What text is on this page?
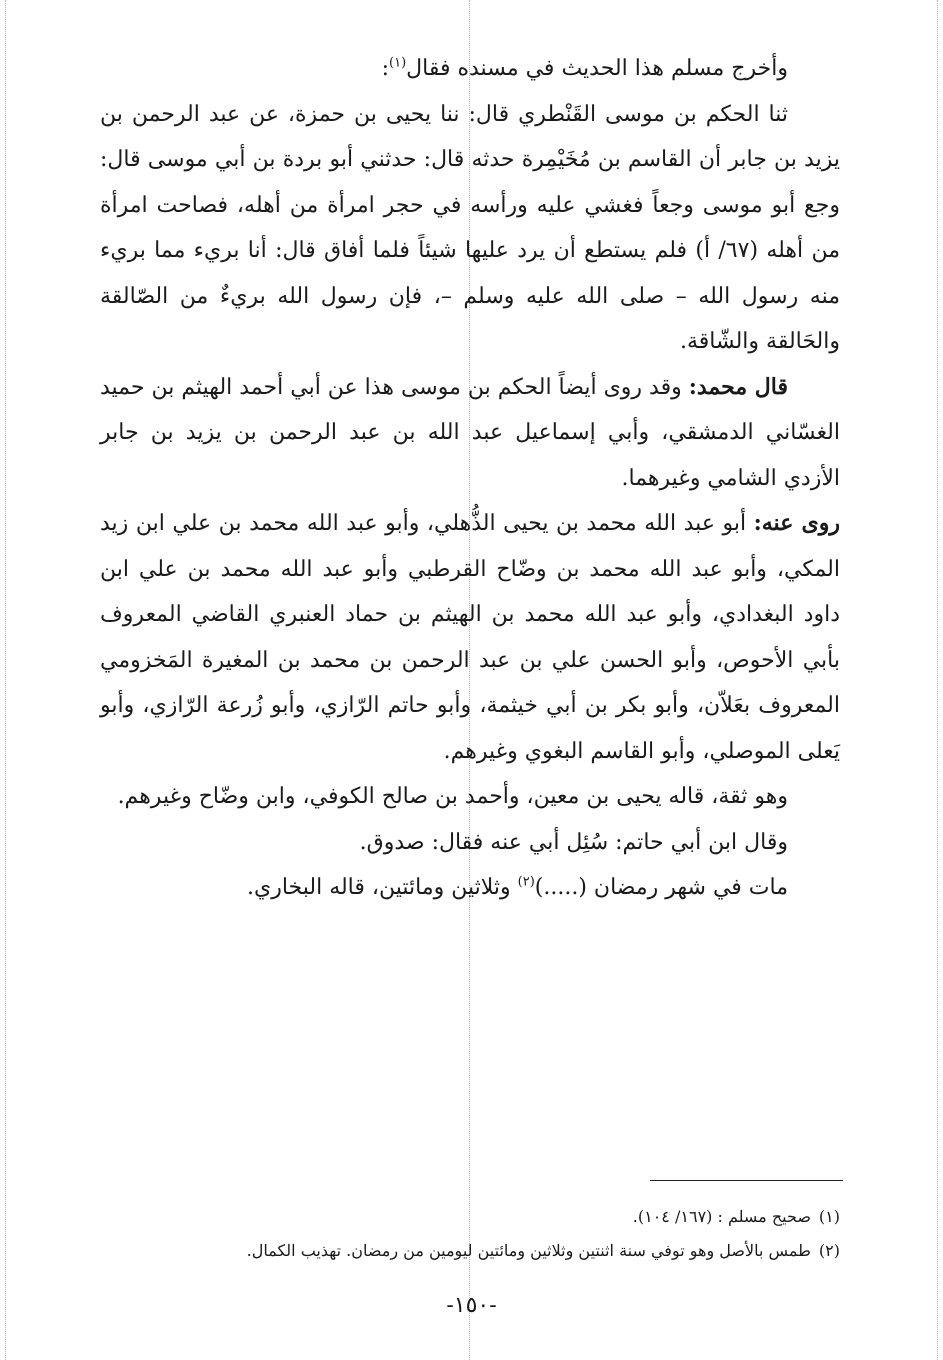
وأخرج مسلم هذا الحديث في مسنده فقال$^{(١)}$:

ثنا الحكم بن موسى القَنْطري قال: ننا يحيى بن حمزة، عن عبد الرحمن بن يزيد بن جابر أن القاسم بن مُخَيْمِرة حدثه قال: حدثني أبو بردة بن أبي موسى قال: وجع أبو موسى وجعاً فغشي عليه ورأسه في حجر امرأة من أهله، فصاحت امرأة من أهله (٦٧/ أ) فلم يستطع أن يرد عليها شيئاً فلما أفاق قال: أنا بريء مما بريء منه رسول الله – صلى الله عليه وسلم –، فإن رسول الله بريءٌ من الصّالقة والحَالقة والشّاقة.

قال محمد: وقد روى أيضاً الحكم بن موسى هذا عن أبي أحمد الهيثم بن حميد الغسّاني الدمشقي، وأبي إسماعيل عبد الله بن عبد الرحمن بن يزيد بن جابر الأزدي الشامي وغيرهما.

روى عنه: أبو عبد الله محمد بن يحيى الذُّهلي، وأبو عبد الله محمد بن علي ابن زيد المكي، وأبو عبد الله محمد بن وضّاح القرطبي وأبو عبد الله محمد بن علي ابن داود البغدادي، وأبو عبد الله محمد بن الهيثم بن حماد العنبري القاضي المعروف بأبي الأحوص، وأبو الحسن علي بن عبد الرحمن بن محمد بن المغيرة المَخزومي المعروف بعَلاّن، وأبو بكر بن أبي خيثمة، وأبو حاتم الرّازي، وأبو زُرعة الرّازي، وأبو يَعلى الموصلي، وأبو القاسم البغوي وغيرهم.

وهو ثقة، قاله يحيى بن معين، وأحمد بن صالح الكوفي، وابن وضّاح وغيرهم.

وقال ابن أبي حاتم: سُئِل أبي عنه فقال: صدوق.

مات في شهر رمضان (.....)$^{(٢)}$ وثلاثين ومائتين، قاله البخاري.

(١)صحيح مسلم : (١٦٧/ ١٠٤).

(٢)طمس بالأصل وهو توفي سنة اثنتين وثلاثين ومائتين ليومين من رمضان. تهذيب الكمال.

-١٥٠-
